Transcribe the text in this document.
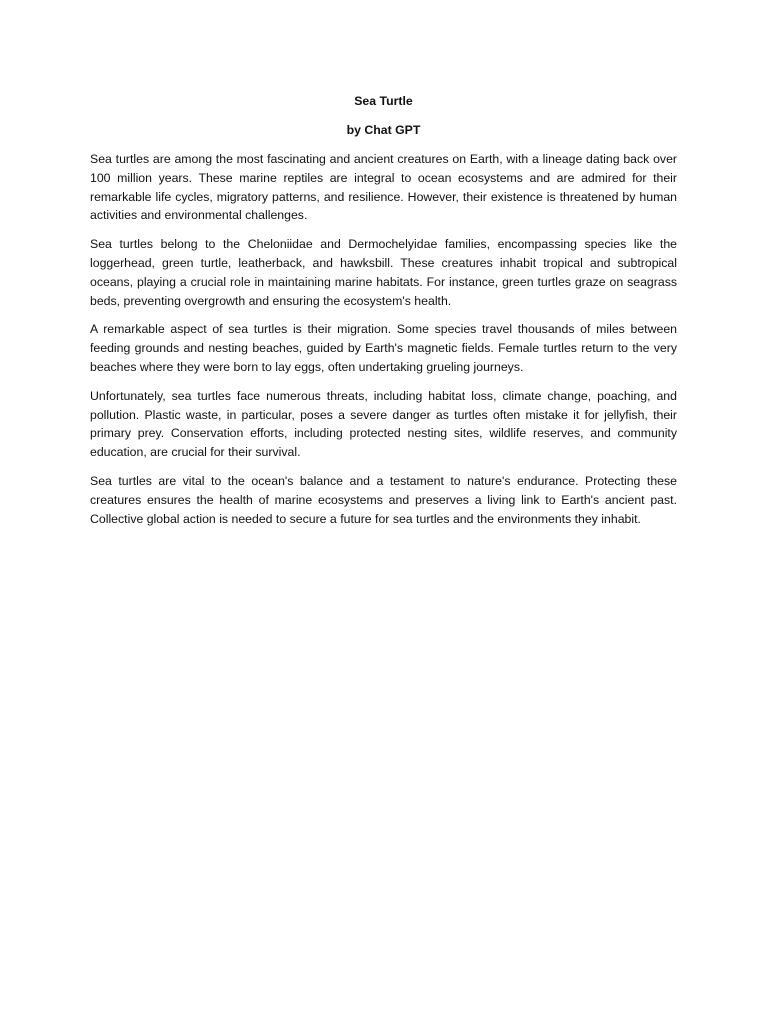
Sea Turtle

by Chat GPT

Sea turtles are among the most fascinating and ancient creatures on Earth, with a lineage dating back over 100 million years. These marine reptiles are integral to ocean ecosystems and are admired for their remarkable life cycles, migratory patterns, and resilience. However, their existence is threatened by human activities and environmental challenges.

Sea turtles belong to the Cheloniidae and Dermochelyidae families, encompassing species like the loggerhead, green turtle, leatherback, and hawksbill. These creatures inhabit tropical and subtropical oceans, playing a crucial role in maintaining marine habitats. For instance, green turtles graze on seagrass beds, preventing overgrowth and ensuring the ecosystem's health.

A remarkable aspect of sea turtles is their migration. Some species travel thousands of miles between feeding grounds and nesting beaches, guided by Earth's magnetic fields. Female turtles return to the very beaches where they were born to lay eggs, often undertaking grueling journeys.

Unfortunately, sea turtles face numerous threats, including habitat loss, climate change, poaching, and pollution. Plastic waste, in particular, poses a severe danger as turtles often mistake it for jellyfish, their primary prey. Conservation efforts, including protected nesting sites, wildlife reserves, and community education, are crucial for their survival.

Sea turtles are vital to the ocean's balance and a testament to nature's endurance. Protecting these creatures ensures the health of marine ecosystems and preserves a living link to Earth's ancient past. Collective global action is needed to secure a future for sea turtles and the environments they inhabit.
